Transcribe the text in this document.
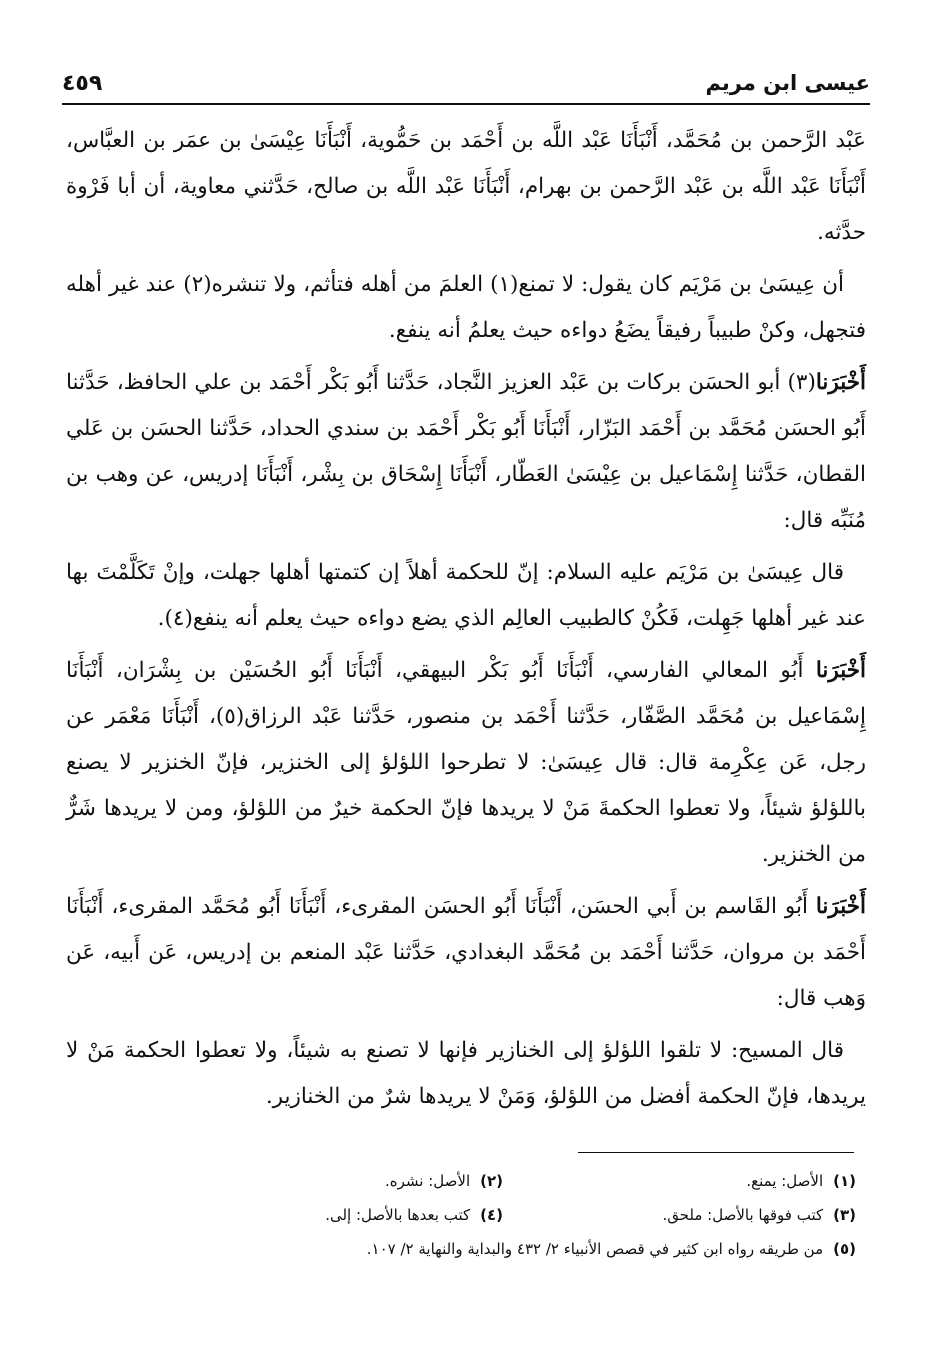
عيسى ابن مريم
٤٥٩

عَبْد الرَّحمن بن مُحَمَّد، أَنْبَأَنَا عَبْد اللَّه بن أَحْمَد بن حَمُّوية، أَنْبَأَنَا عِيْسَىٰ بن عمَر بن العبَّاس، أَنْبَأَنَا عَبْد اللَّه بن عَبْد الرَّحمن بن بهرام، أَنْبَأَنَا عَبْد اللَّه بن صالح، حَدَّثني معاوية، أن أبا فَرْوة حدَّثه.

أن عِيسَىٰ بن مَرْيَم كان يقول: لا تمنع(١) العلمَ من أهله فتأثم، ولا تنشره(٢) عند غير أهله فتجهل، وكنْ طبيباً رفيقاً يضَعُ دواءه حيث يعلمُ أنه ينفع.

أَخْبَرَنا(٣) أبو الحسَن بركات بن عَبْد العزيز النَّجاد، حَدَّثنا أَبُو بَكْر أَحْمَد بن علي الحافظ، حَدَّثنا أَبُو الحسَن مُحَمَّد بن أَحْمَد البَزّار، أَنْبَأَنَا أَبُو بَكْر أَحْمَد بن سندي الحداد، حَدَّثنا الحسَن بن عَلي القطان، حَدَّثنا إِسْمَاعيل بن عِيْسَىٰ العَطّار، أَنْبَأَنَا إِسْحَاق بن بِشْر، أَنْبَأَنَا إدريس، عن وهب بن مُنَبِّه قال:

قال عِيسَىٰ بن مَرْيَم عليه السلام: إنّ للحكمة أهلاً إن كتمتها أهلها جهلت، وإنْ تَكَلَّمْتَ بها عند غير أهلها جَهِلت، فَكُنْ كالطبيب العالِم الذي يضع دواءه حيث يعلم أنه ينفع(٤).

أَخْبَرَنا أَبُو المعالي الفارسي، أَنْبَأَنَا أَبُو بَكْر البيهقي، أَنْبَأَنَا أَبُو الحُسَيْن بن بِشْرَان، أَنْبَأَنَا إِسْمَاعيل بن مُحَمَّد الصَّفّار، حَدَّثنا أَحْمَد بن منصور، حَدَّثنا عَبْد الرزاق(٥)، أَنْبَأَنَا مَعْمَر عن رجل، عَن عِكْرِمة قال: قال عِيسَىٰ: لا تطرحوا اللؤلؤ إلى الخنزير، فإنّ الخنزير لا يصنع باللؤلؤ شيئاً، ولا تعطوا الحكمةَ مَنْ لا يريدها فإنّ الحكمة خيرٌ من اللؤلؤ، ومن لا يريدها شَرٌّ من الخنزير.

أَخْبَرَنا أَبُو القَاسم بن أَبي الحسَن، أَنْبَأَنَا أَبُو الحسَن المقرىء، أَنْبَأَنَا أَبُو مُحَمَّد المقرىء، أَنْبَأَنَا أَحْمَد بن مروان، حَدَّثنا أَحْمَد بن مُحَمَّد البغدادي، حَدَّثنا عَبْد المنعم بن إدريس، عَن أَبيه، عَن وَهب قال:

قال المسيح: لا تلقوا اللؤلؤ إلى الخنازير فإنها لا تصنع به شيئاً، ولا تعطوا الحكمة مَنْ لا يريدها، فإنّ الحكمة أفضل من اللؤلؤ، وَمَنْ لا يريدها شرٌ من الخنازير.

(١)الأصل: يمنع.
(٢)الأصل: نشره.
(٣)كتب فوقها بالأصل: ملحق.
(٤)كتب بعدها بالأصل: إلى.
(٥)من طريقه رواه ابن كثير في قصص الأنبياء ٢/ ٤٣٢ والبداية والنهاية ٢/ ١٠٧.
